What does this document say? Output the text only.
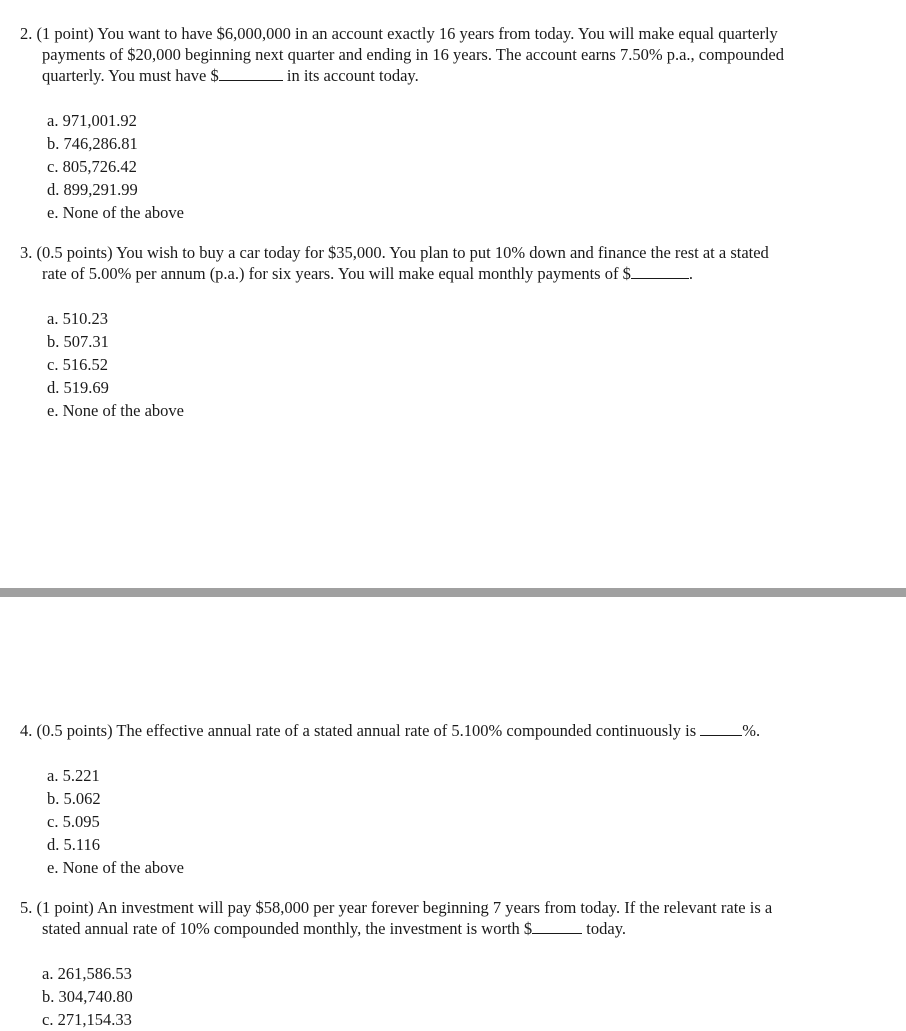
2. (1 point) You want to have $6,000,000 in an account exactly 16 years from today. You will make equal quarterly
payments of $20,000 beginning next quarter and ending in 16 years. The account earns 7.50% p.a., compounded
quarterly. You must have $	in its account today.
a. 971,001.92
b. 746,286.81
c. 805,726.42
d. 899,291.99
e. None of the above
3. (0.5 points) You wish to buy a car today for $35,000. You plan to put 10% down and finance the rest at a stated
rate of 5.00% per annum (p.a.) for six years. You will make equal monthly payments of $	.
a. 510.23
b. 507.31
c. 516.52
d. 519.69
e. None of the above
4. (0.5 points) The effective annual rate of a stated annual rate of 5.100% compounded continuously is	%.
a. 5.221
b. 5.062
c. 5.095
d. 5.116
e. None of the above
5. (1 point) An investment will pay $58,000 per year forever beginning 7 years from today. If the relevant rate is a
stated annual rate of 10% compounded monthly, the investment is worth $	today.
a. 261,586.53
b. 304,740.80
c. 271,154.33
